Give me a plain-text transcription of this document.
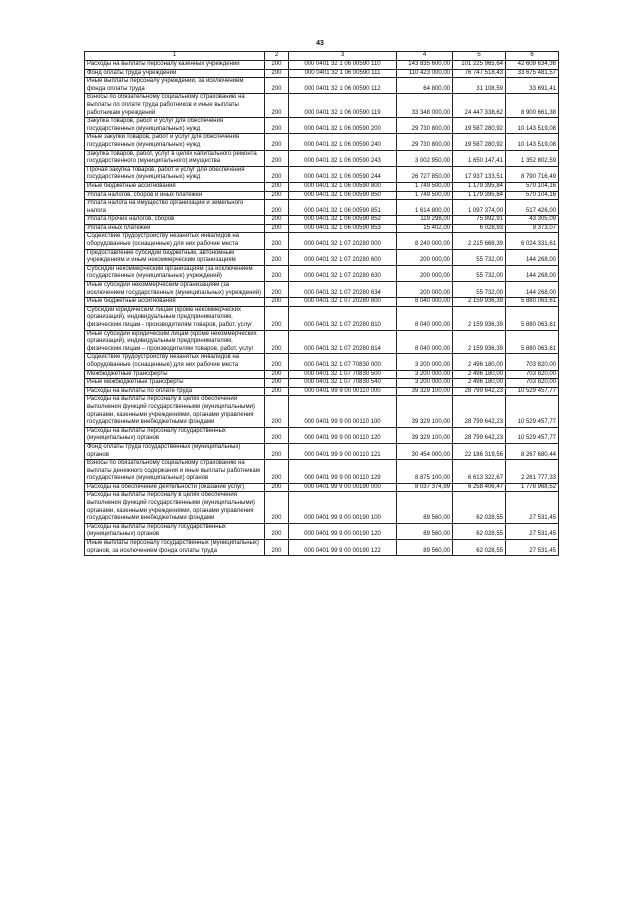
43
1	2	3	4	5	6
Расходы на выплаты персоналу казенных учреждений	200	000 0401 32 1 06 00590 110	143 835 600,00	101 225 965,64	42 609 634,36
Фонд оплаты труда учреждений	200	000 0401 32 1 06 00590 111	110 423 000,00	76 747 518,43	33 675 481,57
Иные выплаты персоналу учреждений, за исключением фонда оплаты труда	200	000 0401 32 1 06 00590 112	64 800,00	31 108,59	33 691,41
Взносы по обязательному социальному страхованию на выплаты по оплате труда работников и иные выплаты работникам учреждений	200	000 0401 32 1 06 00590 119	33 348 000,00	24 447 338,62	8 900 661,38
Закупка товаров, работ и услуг для обеспечения государственных (муниципальных) нужд	200	000 0401 32 1 06 00590 200	29 730 800,00	19 587 280,92	10 143 519,08
Иные закупки товаров, работ и услуг для обеспечения государственных (муниципальных) нужд	200	000 0401 32 1 06 00590 240	29 730 800,00	19 587 280,92	10 143 519,08
Закупка товаров, работ, услуг в целях капитального ремонта государственного (муниципального) имущества	200	000 0401 32 1 06 00590 243	3 002 950,00	1 650 147,41	1 352 802,59
Прочая закупка товаров, работ и услуг для обеспечения государственных (муниципальных) нужд	200	000 0401 32 1 06 00590 244	26 727 850,00	17 937 133,51	8 790 716,49
Иные бюджетные ассигнования	200	000 0401 32 1 06 00590 800	1 749 500,00	1 179 395,84	570 104,16
Уплата налогов, сборов и иных платежей	200	000 0401 32 1 06 00590 850	1 749 500,00	1 179 395,84	570 104,16
Уплата налога на имущество организаций и земельного налога	200	000 0401 32 1 06 00590 851	1 614 800,00	1 097 374,00	517 426,00
Уплата прочих налогов, сборов	200	000 0401 32 1 06 00590 852	119 298,00	75 992,91	43 305,09
Уплата иных платежей	200	000 0401 32 1 06 00590 853	15 402,00	6 028,93	9 373,07
Содействие трудоустройству незанятых инвалидов на оборудованные (оснащенные) для них рабочие места	200	000 0401 32 1 07 20280 000	8 240 000,00	2 215 668,39	6 024 331,61
Предоставление субсидий бюджетным, автономным учреждениям и иным некоммерческим организациям	200	000 0401 32 1 07 20280 600	200 000,00	55 732,00	144 268,00
Субсидии некоммерческим организациям (за исключением государственных (муниципальных) учреждений)	200	000 0401 32 1 07 20280 630	200 000,00	55 732,00	144 268,00
Иные субсидии некоммерческим организациям (за исключением государственных (муниципальных) учреждений)	200	000 0401 32 1 07 20280 634	200 000,00	55 732,00	144 268,00
Иные бюджетные ассигнования	200	000 0401 32 1 07 20280 800	8 040 000,00	2 159 936,39	5 880 063,61
Субсидии юридическим лицам (кроме некоммерческих организаций), индивидуальным предпринимателям, физическим лицам - производителям товаров, работ, услуг	200	000 0401 32 1 07 20280 810	8 040 000,00	2 159 936,39	5 880 063,61
Иные субсидии юридическим лицам (кроме некоммерческих организаций), индивидуальным предпринимателям, физическим лицам – производителям товаров, работ, услуг	200	000 0401 32 1 07 20280 814	8 040 000,00	2 159 936,39	5 880 063,61
Содействие трудоустройству незанятых инвалидов на оборудованные (оснащенные) для них рабочие места	200	000 0401 32 1 07 70830 000	3 200 000,00	2 496 180,00	703 820,00
Межбюджетные трансферты	200	000 0401 32 1 07 70830 500	3 200 000,00	2 496 180,00	703 820,00
Иные межбюджетные трансферты	200	000 0401 32 1 07 70830 540	3 200 000,00	2 496 180,00	703 820,00
Расходы на выплаты по оплате труда	200	000 0401 99 9 00 00110 000	39 329 100,00	28 799 642,23	10 529 457,77
Расходы на выплаты персоналу в целях обеспечения выполнения функций государственными (муниципальными) органами, казенными учреждениями, органами управления государственными внебюджетными фондами	200	000 0401 99 9 00 00110 100	39 329 100,00	28 799 642,23	10 529 457,77
Расходы на выплаты персоналу государственных (муниципальных) органов	200	000 0401 99 9 00 00110 120	39 329 100,00	28 799 642,23	10 529 457,77
Фонд оплаты труда государственных (муниципальных) органов	200	000 0401 99 9 00 00110 121	30 454 000,00	22 186 319,56	8 267 680,44
Взносы по обязательному социальному страхованию на выплаты денежного содержания и иные выплаты работникам государственных (муниципальных) органов	200	000 0401 99 9 00 00110 129	8 875 100,00	6 613 322,67	2 261 777,33
Расходы на обеспечение деятельности (оказание услуг)	200	000 0401 99 9 00 00190 000	8 037 374,99	6 258 406,47	1 778 968,52
Расходы на выплаты персоналу в целях обеспечения выполнения функций государственными (муниципальными) органами, казенными учреждениями, органами управления государственными внебюджетными фондами	200	000 0401 99 9 00 00190 100	89 560,00	62 028,55	27 531,45
Расходы на выплаты персоналу государственных (муниципальных) органов	200	000 0401 99 9 00 00190 120	89 560,00	62 028,55	27 531,45
Иные выплаты персоналу государственных (муниципальных) органов, за исключением фонда оплаты труда	200	000 0401 99 9 00 00190 122	89 560,00	62 028,55	27 531,45
